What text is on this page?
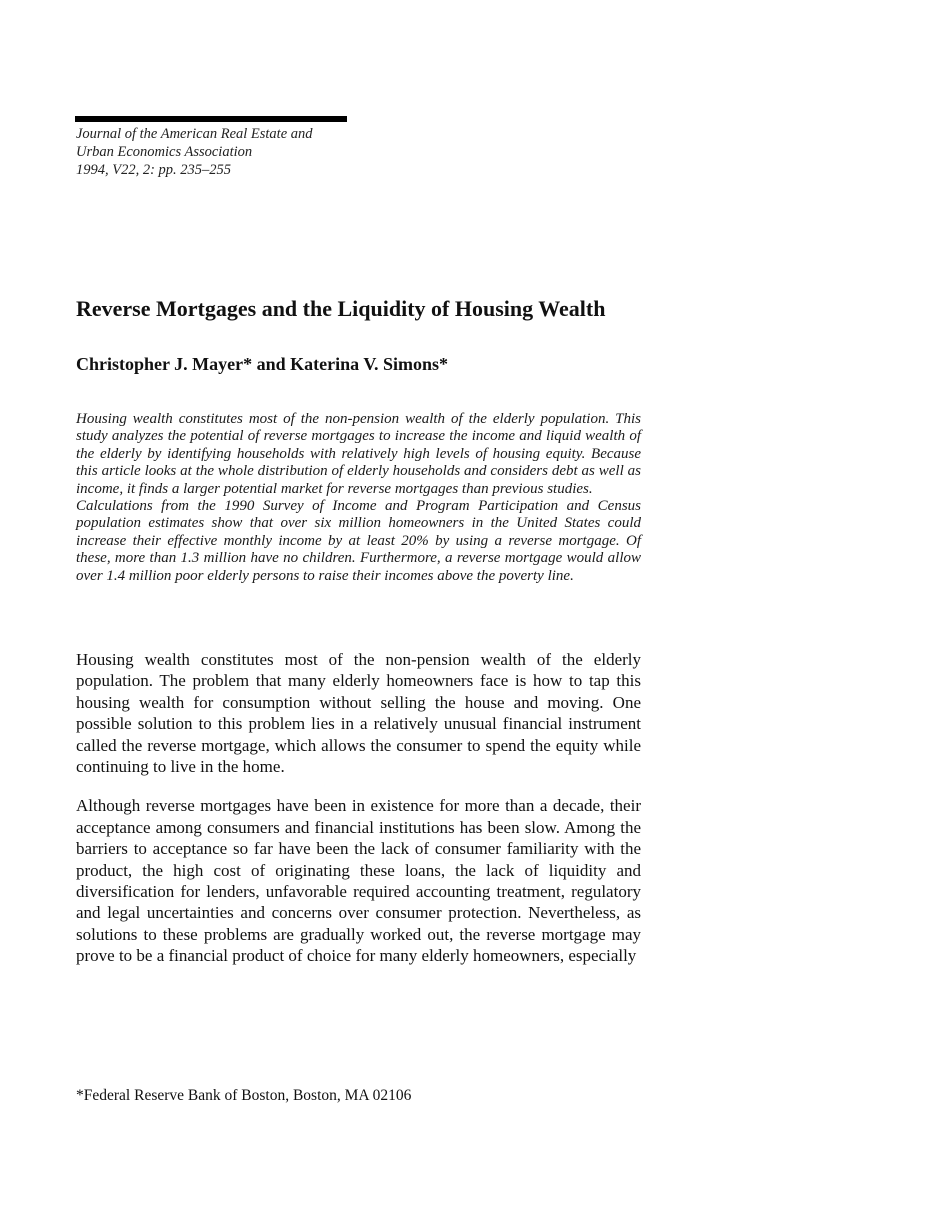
Journal of the American Real Estate and
Urban Economics Association
1994, V22, 2: pp. 235–255
Reverse Mortgages and the Liquidity of Housing Wealth
Christopher J. Mayer* and Katerina V. Simons*

Housing wealth constitutes most of the non-pension wealth of the elderly population. This study analyzes the potential of reverse mortgages to increase the income and liquid wealth of the elderly by identifying households with relatively high levels of housing equity. Because this article looks at the whole distribution of elderly households and considers debt as well as income, it finds a larger potential market for reverse mortgages than previous studies.

Calculations from the 1990 Survey of Income and Program Participation and Census population estimates show that over six million homeowners in the United States could increase their effective monthly income by at least 20% by using a reverse mortgage. Of these, more than 1.3 million have no children. Furthermore, a reverse mortgage would allow over 1.4 million poor elderly persons to raise their incomes above the poverty line.

Housing wealth constitutes most of the non-pension wealth of the elderly population. The problem that many elderly homeowners face is how to tap this housing wealth for consumption without selling the house and moving. One possible solution to this problem lies in a relatively unusual financial instrument called the reverse mortgage, which allows the consumer to spend the equity while continuing to live in the home.

Although reverse mortgages have been in existence for more than a decade, their acceptance among consumers and financial institutions has been slow. Among the barriers to acceptance so far have been the lack of consumer familiarity with the product, the high cost of originating these loans, the lack of liquidity and diversification for lenders, unfavorable required accounting treatment, regulatory and legal uncertainties and concerns over consumer protection. Nevertheless, as solutions to these problems are gradually worked out, the reverse mortgage may prove to be a financial product of choice for many elderly homeowners, especially

*Federal Reserve Bank of Boston, Boston, MA 02106
